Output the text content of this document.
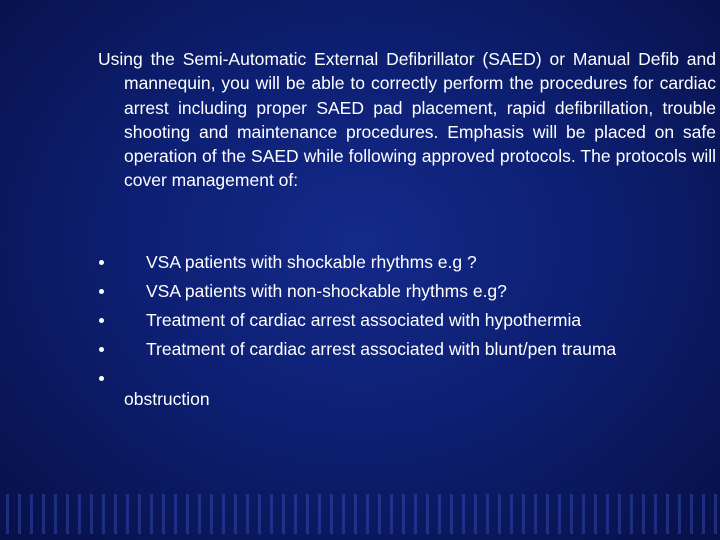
Using the Semi-Automatic External Defibrillator (SAED) or Manual Defib and mannequin, you will be able to correctly perform the procedures for cardiac arrest including proper SAED pad placement, rapid defibrillation, trouble shooting and maintenance procedures. Emphasis will be placed on safe operation of the SAED while following approved protocols. The protocols will cover management of:

VSA patients with shockable rhythms e.g ?
VSA patients with non-shockable rhythms e.g?
Treatment of cardiac arrest associated with hypothermia
Treatment of cardiac arrest associated with blunt/pen trauma
obstruction
